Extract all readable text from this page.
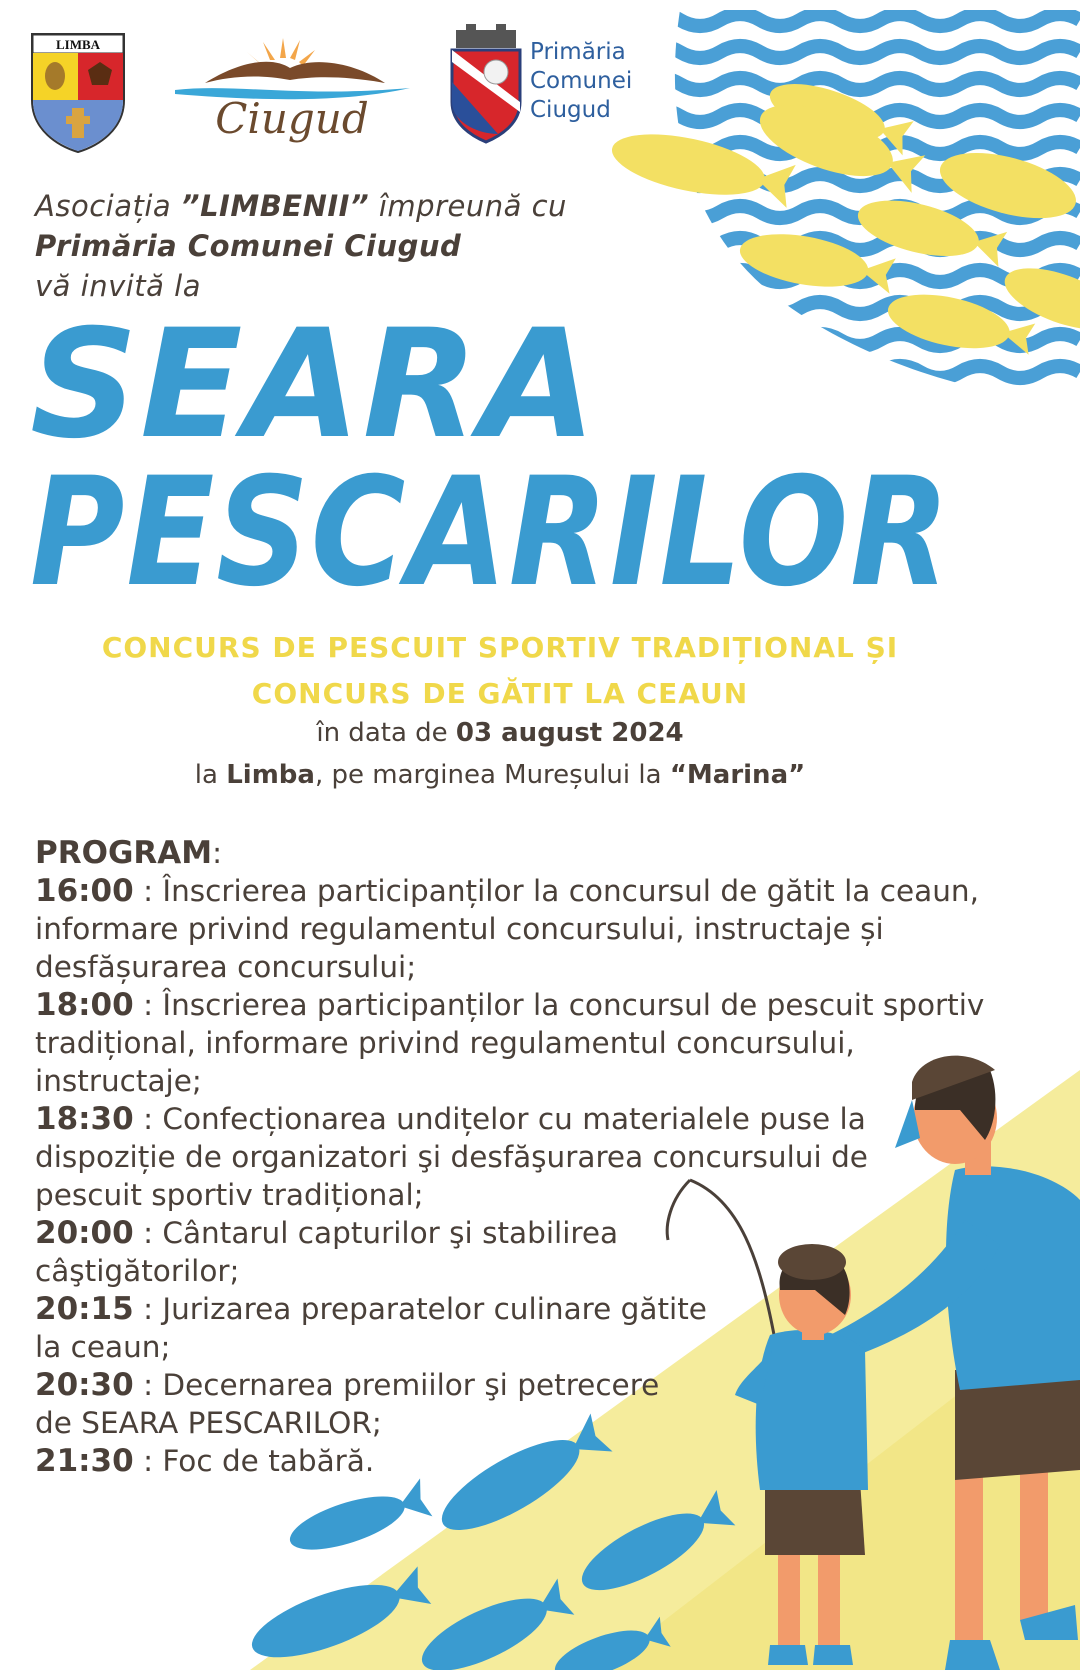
LIMBA
Ciugud
Primăria
Comunei
Ciugud
Asociația ”LIMBENII” împreună cu
Primăria Comunei Ciugud
vă invită la
SEARA
PESCARILOR
CONCURS DE PESCUIT SPORTIV TRADIȚIONAL ȘI
CONCURS DE GĂTIT LA CEAUN
în data de 03 august 2024
la Limba, pe marginea Mureșului la “Marina”
PROGRAM:
16:00 : Înscrierea participanților la concursul de gătit la ceaun,
informare privind regulamentul concursului, instructaje și
desfășurarea concursului;
18:00 : Înscrierea participanților la concursul de pescuit sportiv
tradițional, informare privind regulamentul concursului,
instructaje;
18:30 : Confecționarea undițelor cu materialele puse la
dispoziție de organizatori şi desfăşurarea concursului de
pescuit sportiv tradițional;
20:00 : Cântarul capturilor şi stabilirea
câştigătorilor;
20:15 : Jurizarea preparatelor culinare gătite
la ceaun;
20:30 : Decernarea premiilor şi petrecere
de SEARA PESCARILOR;
21:30 : Foc de tabără.
